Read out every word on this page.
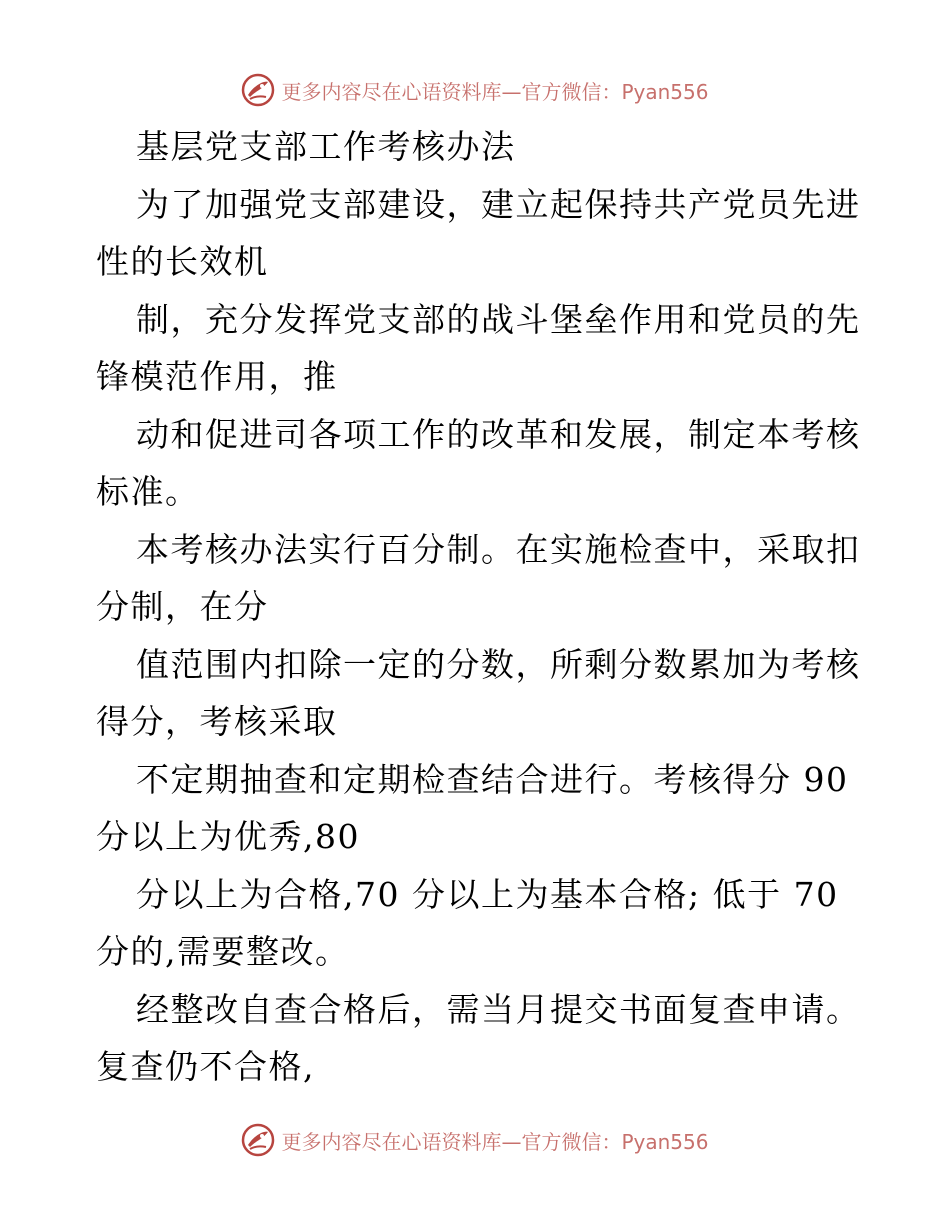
更多内容尽在心语资料库—官方微信：Pyan556
基层党支部工作考核办法
为了加强党支部建设，建立起保持共产党员先进
性的长效机
制，充分发挥党支部的战斗堡垒作用和党员的先
锋模范作用，推
动和促进司各项工作的改革和发展，制定本考核
标准。
本考核办法实行百分制。在实施检查中，采取扣
分制，在分
值范围内扣除一定的分数，所剩分数累加为考核
得分，考核采取
不定期抽查和定期检查结合进行。考核得分 90
分以上为优秀,80
分以上为合格,70 分以上为基本合格; 低于 70
分的,需要整改。
经整改自查合格后，需当月提交书面复查申请。
复查仍不合格,
更多内容尽在心语资料库—官方微信：Pyan556
